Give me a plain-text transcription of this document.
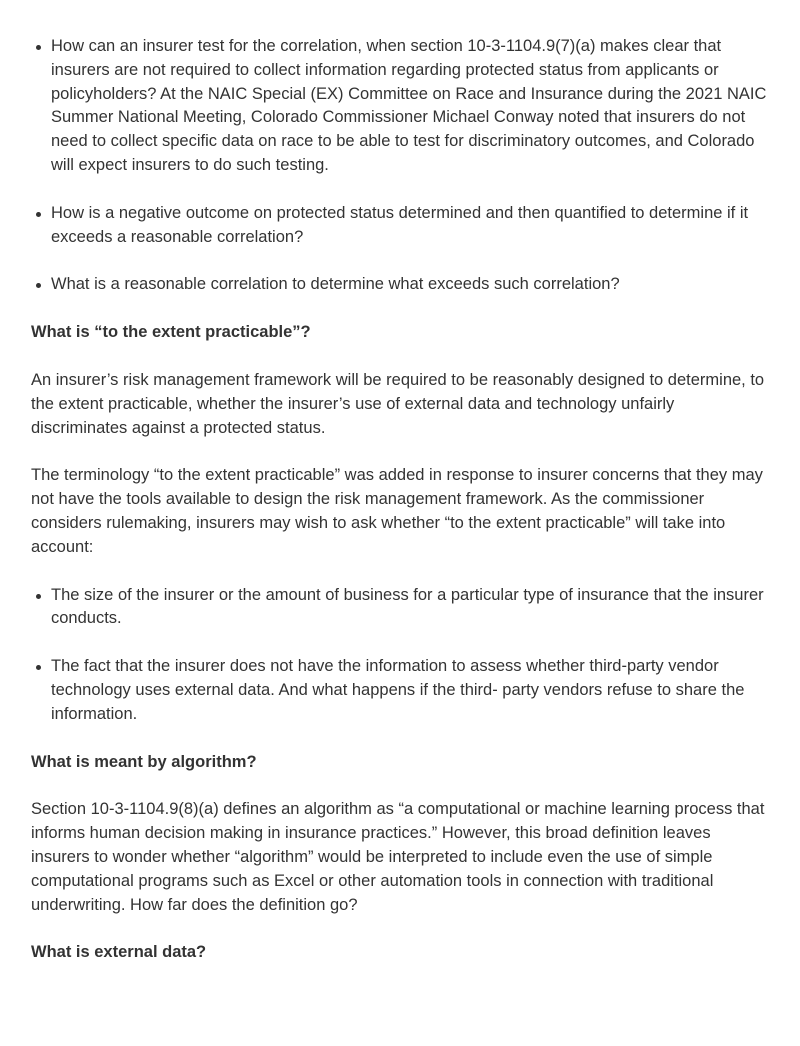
How can an insurer test for the correlation, when section 10-3-1104.9(7)(a) makes clear that insurers are not required to collect information regarding protected status from applicants or policyholders? At the NAIC Special (EX) Committee on Race and Insurance during the 2021 NAIC Summer National Meeting, Colorado Commissioner Michael Conway noted that insurers do not need to collect specific data on race to be able to test for discriminatory outcomes, and Colorado will expect insurers to do such testing.
How is a negative outcome on protected status determined and then quantified to determine if it exceeds a reasonable correlation?
What is a reasonable correlation to determine what exceeds such correlation?

What is “to the extent practicable”?

An insurer’s risk management framework will be required to be reasonably designed to determine, to the extent practicable, whether the insurer’s use of external data and technology unfairly discriminates against a protected status.

The terminology “to the extent practicable” was added in response to insurer concerns that they may not have the tools available to design the risk management framework. As the commissioner considers rulemaking, insurers may wish to ask whether “to the extent practicable” will take into account:

The size of the insurer or the amount of business for a particular type of insurance that the insurer conducts.
The fact that the insurer does not have the information to assess whether third-party vendor technology uses external data. And what happens if the third- party vendors refuse to share the information.

What is meant by algorithm?

Section 10-3-1104.9(8)(a) defines an algorithm as “a computational or machine learning process that informs human decision making in insurance practices.” However, this broad definition leaves insurers to wonder whether “algorithm” would be interpreted to include even the use of simple computational programs such as Excel or other automation tools in connection with traditional underwriting. How far does the definition go?

What is external data?
